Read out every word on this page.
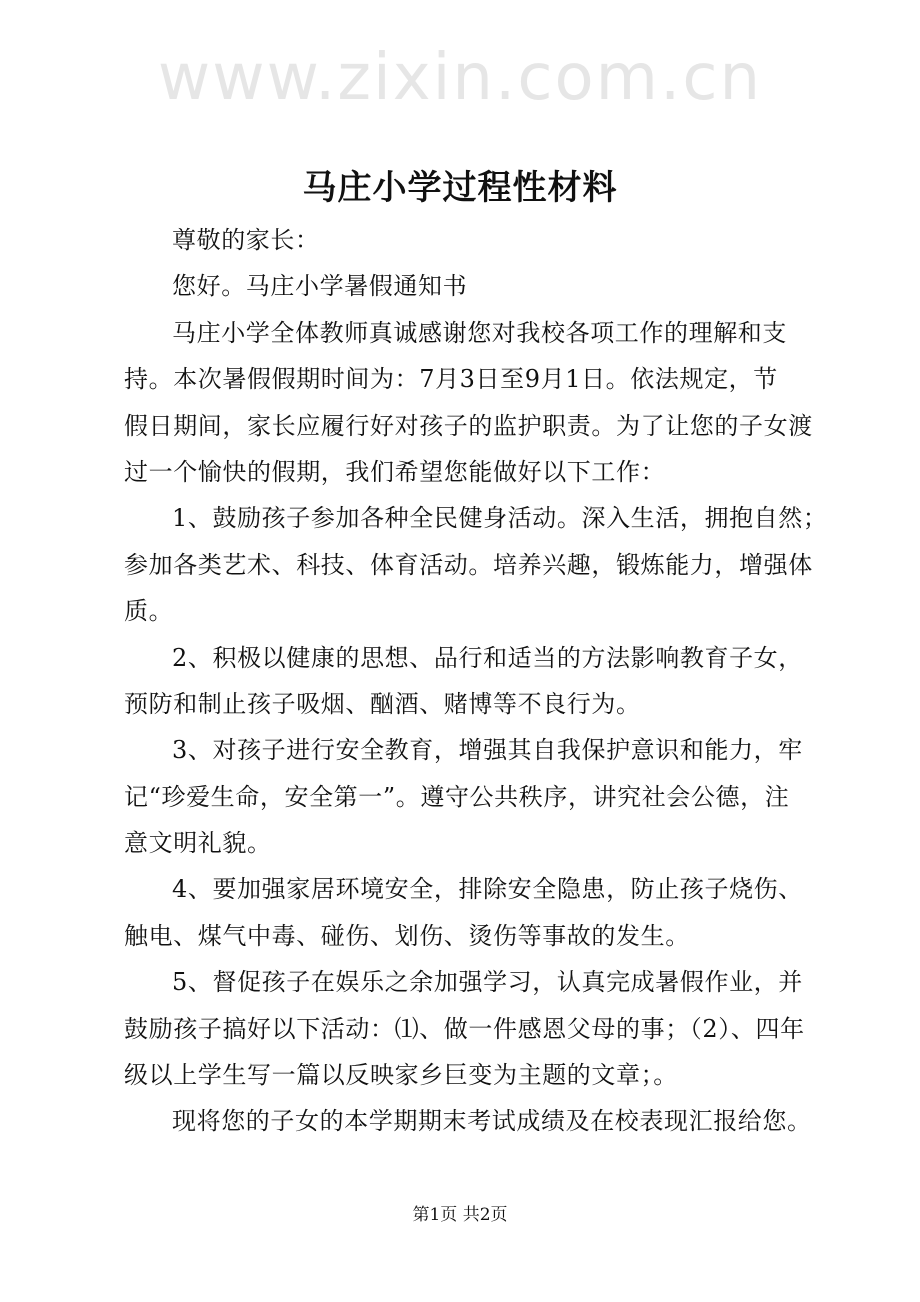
www.zixin.com.cn
马庄小学过程性材料
尊敬的家长：
您好。马庄小学暑假通知书
马庄小学全体教师真诚感谢您对我校各项工作的理解和支
持。本次暑假假期时间为：7月3日至9月1日。依法规定，节
假日期间，家长应履行好对孩子的监护职责。为了让您的子女渡
过一个愉快的假期，我们希望您能做好以下工作：
1、鼓励孩子参加各种全民健身活动。深入生活，拥抱自然；
参加各类艺术、科技、体育活动。培养兴趣，锻炼能力，增强体
质。
2、积极以健康的思想、品行和适当的方法影响教育子女，
预防和制止孩子吸烟、酗酒、赌博等不良行为。
3、对孩子进行安全教育，增强其自我保护意识和能力，牢
记“珍爱生命，安全第一”。遵守公共秩序，讲究社会公德，注
意文明礼貌。
4、要加强家居环境安全，排除安全隐患，防止孩子烧伤、
触电、煤气中毒、碰伤、划伤、烫伤等事故的发生。
5、督促孩子在娱乐之余加强学习，认真完成暑假作业，并
鼓励孩子搞好以下活动：⑴、做一件感恩父母的事；（2）、四年
级以上学生写一篇以反映家乡巨变为主题的文章；。
现将您的子女的本学期期末考试成绩及在校表现汇报给您。
第1页 共2页
